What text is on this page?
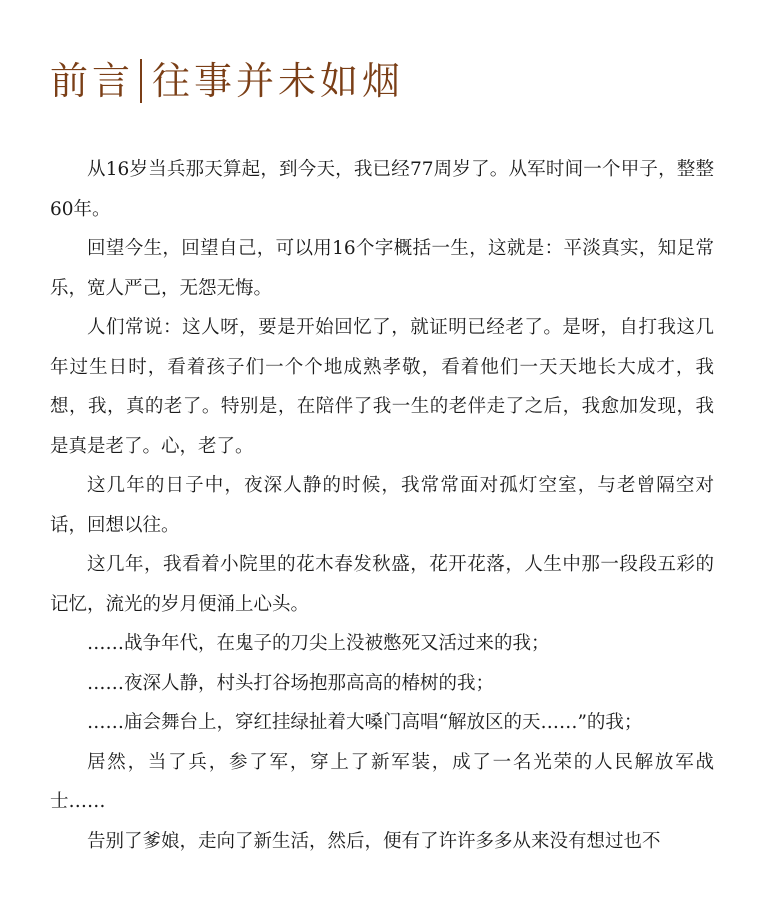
前言 往事并未如烟

从16岁当兵那天算起，到今天，我已经77周岁了。从军时间一个甲子，整整60年。

回望今生，回望自己，可以用16个字概括一生，这就是：平淡真实，知足常乐，宽人严己，无怨无悔。

人们常说：这人呀，要是开始回忆了，就证明已经老了。是呀，自打我这几年过生日时，看着孩子们一个个地成熟孝敬，看着他们一天天地长大成才，我想，我，真的老了。特别是，在陪伴了我一生的老伴走了之后，我愈加发现，我是真是老了。心，老了。

这几年的日子中，夜深人静的时候，我常常面对孤灯空室，与老曾隔空对话，回想以往。

这几年，我看着小院里的花木春发秋盛，花开花落，人生中那一段段五彩的记忆，流光的岁月便涌上心头。

……战争年代，在鬼子的刀尖上没被憋死又活过来的我；

……夜深人静，村头打谷场抱那高高的椿树的我；

……庙会舞台上，穿红挂绿扯着大嗓门高唱“解放区的天……”的我；

居然，当了兵，参了军，穿上了新军装，成了一名光荣的人民解放军战士……

告别了爹娘，走向了新生活，然后，便有了许许多多从来没有想过也不
